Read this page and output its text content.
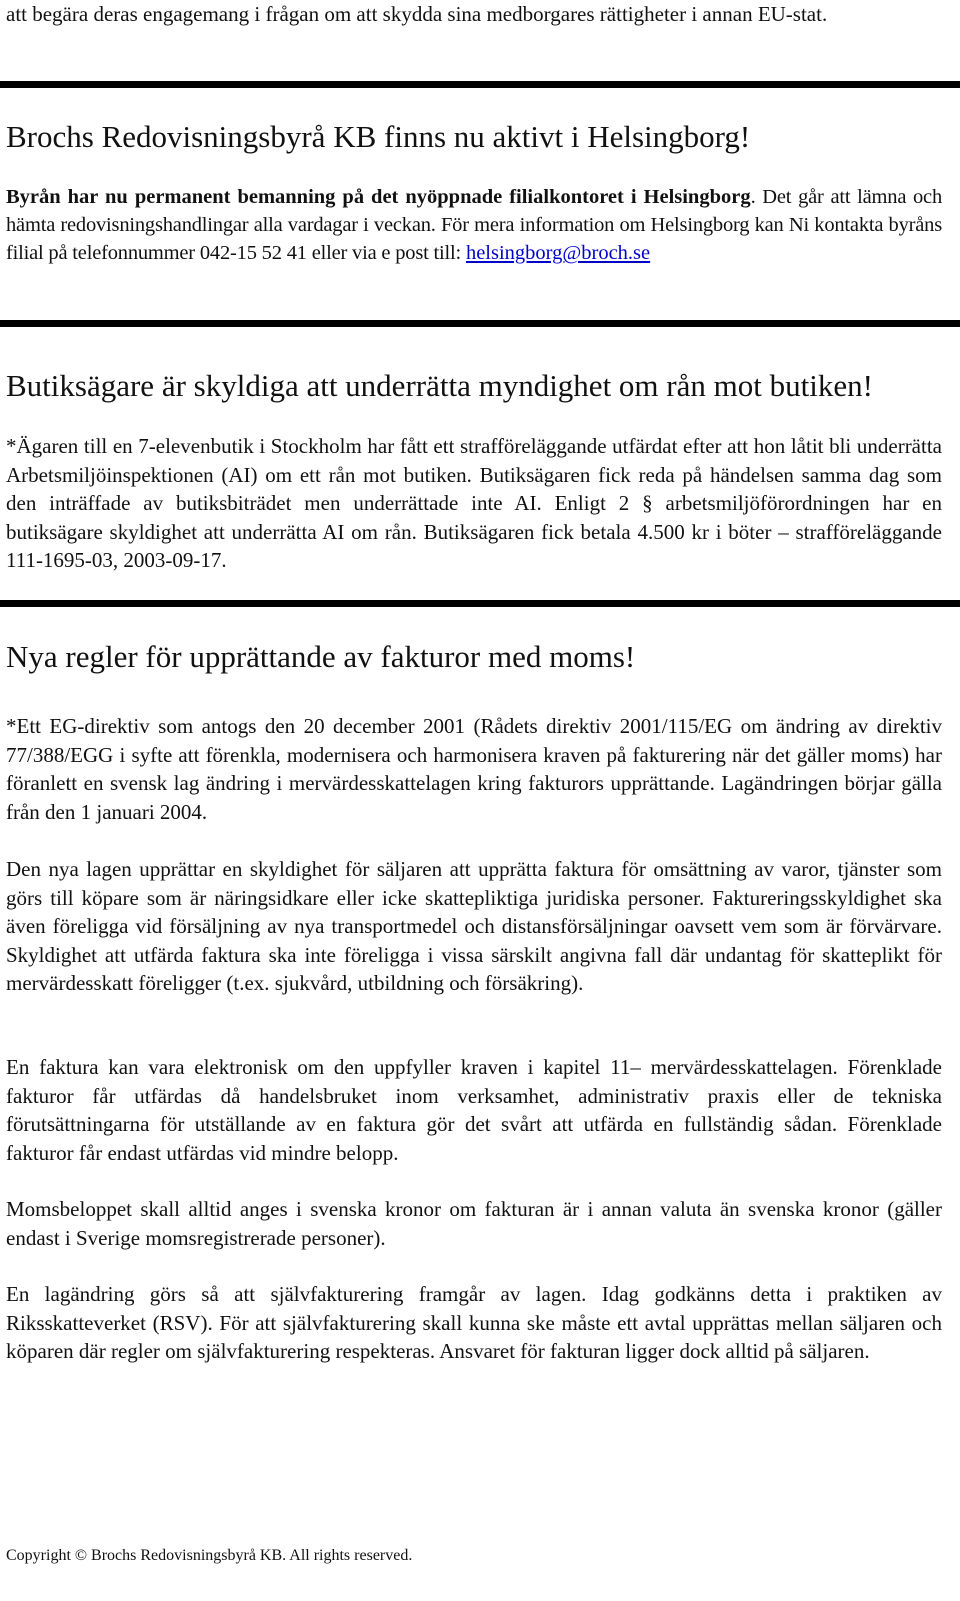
att begära deras engagemang i frågan om att skydda sina medborgares rättigheter i annan EU-stat.

Brochs Redovisningsbyrå KB finns nu aktivt i Helsingborg!

Byrån har nu permanent bemanning på det nyöppnade filialkontoret i Helsingborg. Det går att lämna och hämta redovisningshandlingar alla vardagar i veckan. För mera information om Helsingborg kan Ni kontakta byråns filial på telefonnummer 042-15 52 41 eller via e post till: helsingborg@broch.se

Butiksägare är skyldiga att underrätta myndighet om rån mot butiken!

*Ägaren till en 7-elevenbutik i Stockholm har fått ett strafföreläggande utfärdat efter att hon låtit bli underrätta Arbetsmiljöinspektionen (AI) om ett rån mot butiken. Butiksägaren fick reda på händelsen samma dag som den inträffade av butiksbiträdet men underrättade inte AI. Enligt 2 § arbetsmiljöförordningen har en butiksägare skyldighet att underrätta AI om rån. Butiksägaren fick betala 4.500 kr i böter – strafföreläggande 111-1695-03, 2003-09-17.

Nya regler för upprättande av fakturor med moms!

*Ett EG-direktiv som antogs den 20 december 2001 (Rådets direktiv 2001/115/EG om ändring av direktiv 77/388/EGG i syfte att förenkla, modernisera och harmonisera kraven på fakturering när det gäller moms) har föranlett en svensk lag ändring i mervärdesskattelagen kring fakturors upprättande. Lagändringen börjar gälla från den 1 januari 2004.

Den nya lagen upprättar en skyldighet för säljaren att upprätta faktura för omsättning av varor, tjänster som görs till köpare som är näringsidkare eller icke skattepliktiga juridiska personer. Faktureringsskyldighet ska även föreligga vid försäljning av nya transportmedel och distansförsäljningar oavsett vem som är förvärvare. Skyldighet att utfärda faktura ska inte föreligga i vissa särskilt angivna fall där undantag för skatteplikt för mervärdesskatt föreligger (t.ex. sjukvård, utbildning och försäkring).

En faktura kan vara elektronisk om den uppfyller kraven i kapitel 11– mervärdesskattelagen. Förenklade fakturor får utfärdas då handelsbruket inom verksamhet, administrativ praxis eller de tekniska förutsättningarna för utställande av en faktura gör det svårt att utfärda en fullständig sådan. Förenklade fakturor får endast utfärdas vid mindre belopp.

Momsbeloppet skall alltid anges i svenska kronor om fakturan är i annan valuta än svenska kronor (gäller endast i Sverige momsregistrerade personer).

En lagändring görs så att självfakturering framgår av lagen. Idag godkänns detta i praktiken av Riksskatteverket (RSV). För att självfakturering skall kunna ske måste ett avtal upprättas mellan säljaren och köparen där regler om självfakturering respekteras. Ansvaret för fakturan ligger dock alltid på säljaren.

Copyright © Brochs Redovisningsbyrå KB. All rights reserved.
